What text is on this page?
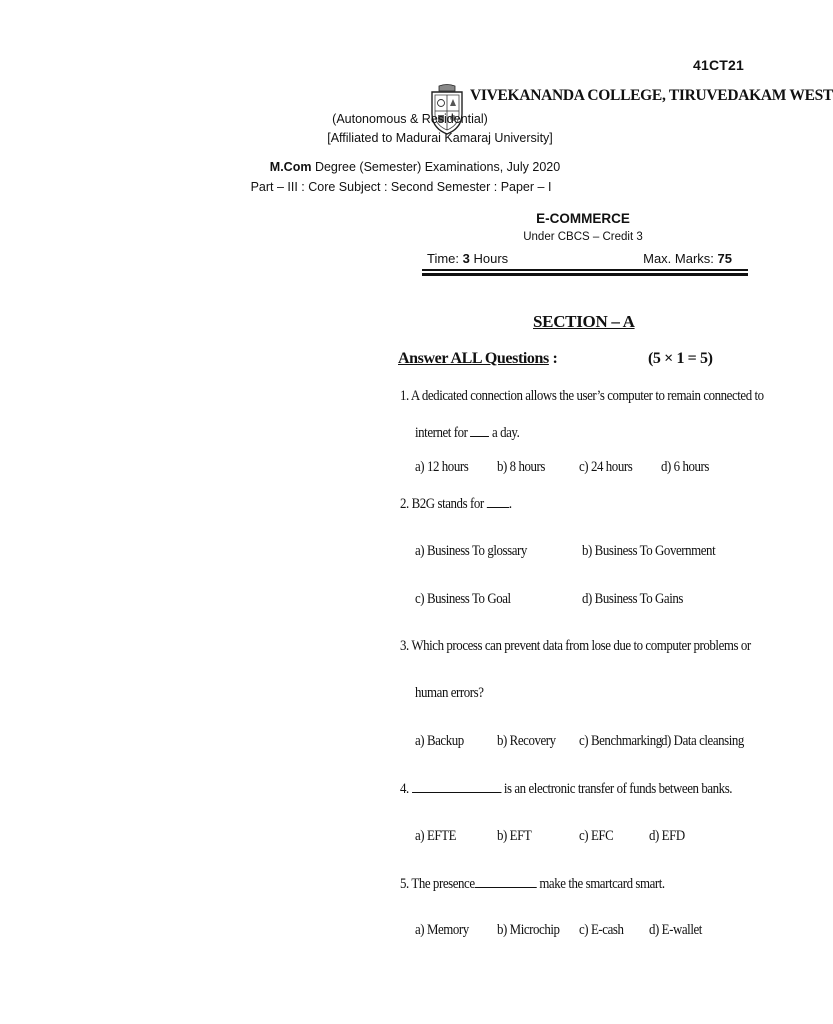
41CT21
VIVEKANANDA COLLEGE, TIRUVEDAKAM WEST
(Autonomous & Residential)
[Affiliated to Madurai Kamaraj University]
M.Com Degree (Semester) Examinations, July 2020
Part – III : Core Subject : Second Semester : Paper – I
E-COMMERCE
Under CBCS – Credit 3
Time: 3 Hours	Max. Marks: 75
SECTION – A
Answer ALL Questions :	(5 × 1 = 5)
1. A dedicated connection allows the user’s computer to remain connected to
internet for  a day.
a) 12 hours b) 8 hours c) 24 hours d) 6 hours
2. B2G stands for .
a) Business To glossary	b) Business To Government
c) Business To Goal	d) Business To Gains
3. Which process can prevent data from lose due to computer problems or
human errors?
a) Backup b) Recovery c) Benchmarking d) Data cleansing
4.	is an electronic transfer of funds between banks.
a) EFTE	b) EFT	c) EFC d) EFD
5. The presence	make the smartcard smart.
a) Memory b) Microchip c) E-cash d) E-wallet
